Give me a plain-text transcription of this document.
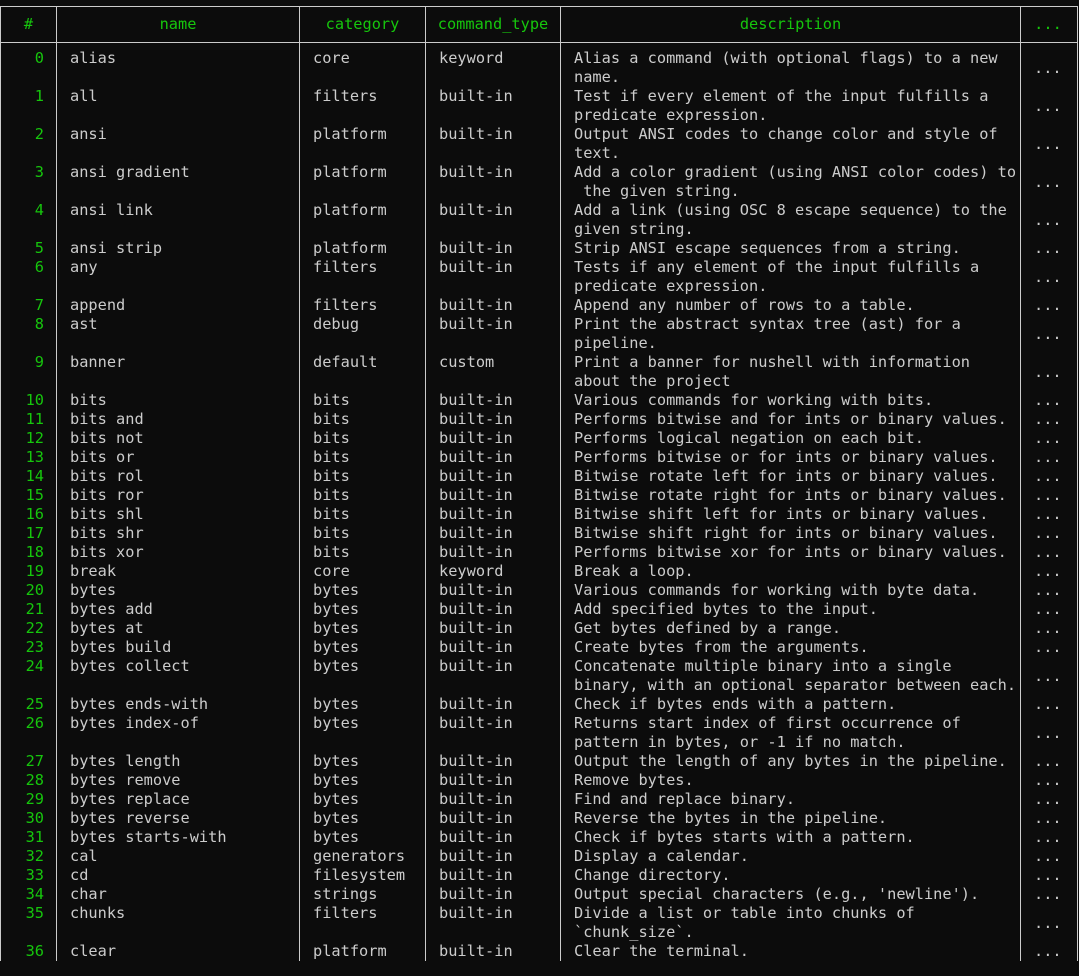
#	name	category	command_type	description	...
0	alias	core	keyword	Alias a command (with optional flags) to a new
name.	...
1	all	filters	built-in	Test if every element of the input fulfills a
predicate expression.	...
2	ansi	platform	built-in	Output ANSI codes to change color and style of
text.	...
3	ansi gradient	platform	built-in	Add a color gradient (using ANSI color codes) to
the given string.	...
4	ansi link	platform	built-in	Add a link (using OSC 8 escape sequence) to the
given string.	...
5	ansi strip	platform	built-in	Strip ANSI escape sequences from a string.	...
6	any	filters	built-in	Tests if any element of the input fulfills a
predicate expression.	...
7	append	filters	built-in	Append any number of rows to a table.	...
8	ast	debug	built-in	Print the abstract syntax tree (ast) for a
pipeline.	...
9	banner	default	custom	Print a banner for nushell with information
about the project	...
10	bits	bits	built-in	Various commands for working with bits.	...
11	bits and	bits	built-in	Performs bitwise and for ints or binary values.	...
12	bits not	bits	built-in	Performs logical negation on each bit.	...
13	bits or	bits	built-in	Performs bitwise or for ints or binary values.	...
14	bits rol	bits	built-in	Bitwise rotate left for ints or binary values.	...
15	bits ror	bits	built-in	Bitwise rotate right for ints or binary values.	...
16	bits shl	bits	built-in	Bitwise shift left for ints or binary values.	...
17	bits shr	bits	built-in	Bitwise shift right for ints or binary values.	...
18	bits xor	bits	built-in	Performs bitwise xor for ints or binary values.	...
19	break	core	keyword	Break a loop.	...
20	bytes	bytes	built-in	Various commands for working with byte data.	...
21	bytes add	bytes	built-in	Add specified bytes to the input.	...
22	bytes at	bytes	built-in	Get bytes defined by a range.	...
23	bytes build	bytes	built-in	Create bytes from the arguments.	...
24	bytes collect	bytes	built-in	Concatenate multiple binary into a single
binary, with an optional separator between each.	...
25	bytes ends-with	bytes	built-in	Check if bytes ends with a pattern.	...
26	bytes index-of	bytes	built-in	Returns start index of first occurrence of
pattern in bytes, or -1 if no match.	...
27	bytes length	bytes	built-in	Output the length of any bytes in the pipeline.	...
28	bytes remove	bytes	built-in	Remove bytes.	...
29	bytes replace	bytes	built-in	Find and replace binary.	...
30	bytes reverse	bytes	built-in	Reverse the bytes in the pipeline.	...
31	bytes starts-with	bytes	built-in	Check if bytes starts with a pattern.	...
32	cal	generators	built-in	Display a calendar.	...
33	cd	filesystem	built-in	Change directory.	...
34	char	strings	built-in	Output special characters (e.g., 'newline').	...
35	chunks	filters	built-in	Divide a list or table into chunks of
`chunk_size`.	...
36	clear	platform	built-in	Clear the terminal.	...
